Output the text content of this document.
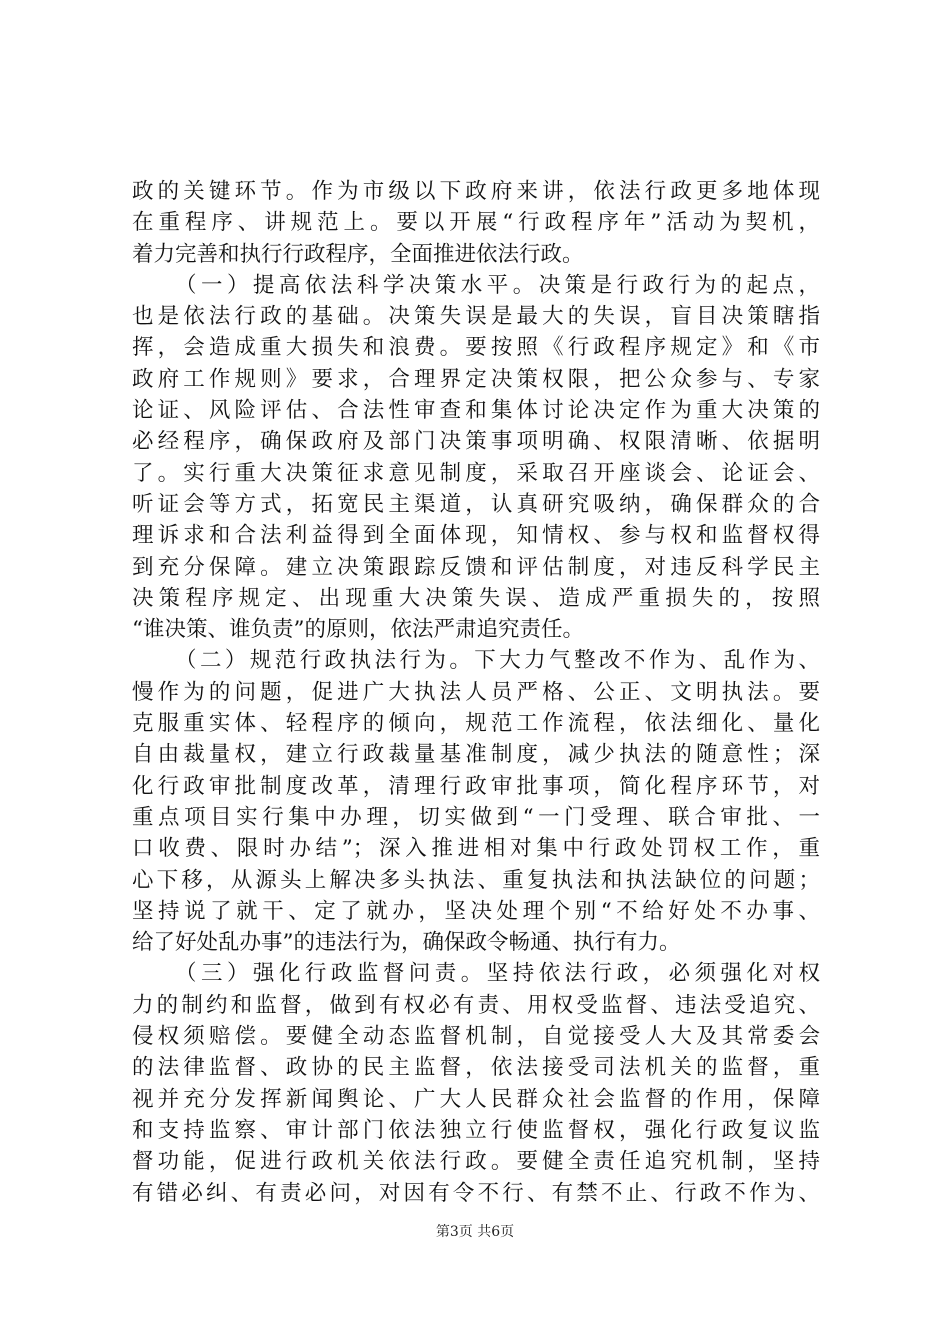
政的关键环节。作为市级以下政府来讲，依法行政更多地体现
在重程序、讲规范上。要以开展“行政程序年”活动为契机，
着力完善和执行行政程序，全面推进依法行政。
（一）提高依法科学决策水平。决策是行政行为的起点，
也是依法行政的基础。决策失误是最大的失误，盲目决策瞎指
挥，会造成重大损失和浪费。要按照《行政程序规定》和《市
政府工作规则》要求，合理界定决策权限，把公众参与、专家
论证、风险评估、合法性审查和集体讨论决定作为重大决策的
必经程序，确保政府及部门决策事项明确、权限清晰、依据明
了。实行重大决策征求意见制度，采取召开座谈会、论证会、
听证会等方式，拓宽民主渠道，认真研究吸纳，确保群众的合
理诉求和合法利益得到全面体现，知情权、参与权和监督权得
到充分保障。建立决策跟踪反馈和评估制度，对违反科学民主
决策程序规定、出现重大决策失误、造成严重损失的，按照
“谁决策、谁负责”的原则，依法严肃追究责任。
（二）规范行政执法行为。下大力气整改不作为、乱作为、
慢作为的问题，促进广大执法人员严格、公正、文明执法。要
克服重实体、轻程序的倾向，规范工作流程，依法细化、量化
自由裁量权，建立行政裁量基准制度，减少执法的随意性；深
化行政审批制度改革，清理行政审批事项，简化程序环节，对
重点项目实行集中办理，切实做到“一门受理、联合审批、一
口收费、限时办结”；深入推进相对集中行政处罚权工作，重
心下移，从源头上解决多头执法、重复执法和执法缺位的问题；
坚持说了就干、定了就办，坚决处理个别“不给好处不办事、
给了好处乱办事”的违法行为，确保政令畅通、执行有力。
（三）强化行政监督问责。坚持依法行政，必须强化对权
力的制约和监督，做到有权必有责、用权受监督、违法受追究、
侵权须赔偿。要健全动态监督机制，自觉接受人大及其常委会
的法律监督、政协的民主监督，依法接受司法机关的监督，重
视并充分发挥新闻舆论、广大人民群众社会监督的作用，保障
和支持监察、审计部门依法独立行使监督权，强化行政复议监
督功能，促进行政机关依法行政。要健全责任追究机制，坚持
有错必纠、有责必问，对因有令不行、有禁不止、行政不作为、
第3页 共6页
